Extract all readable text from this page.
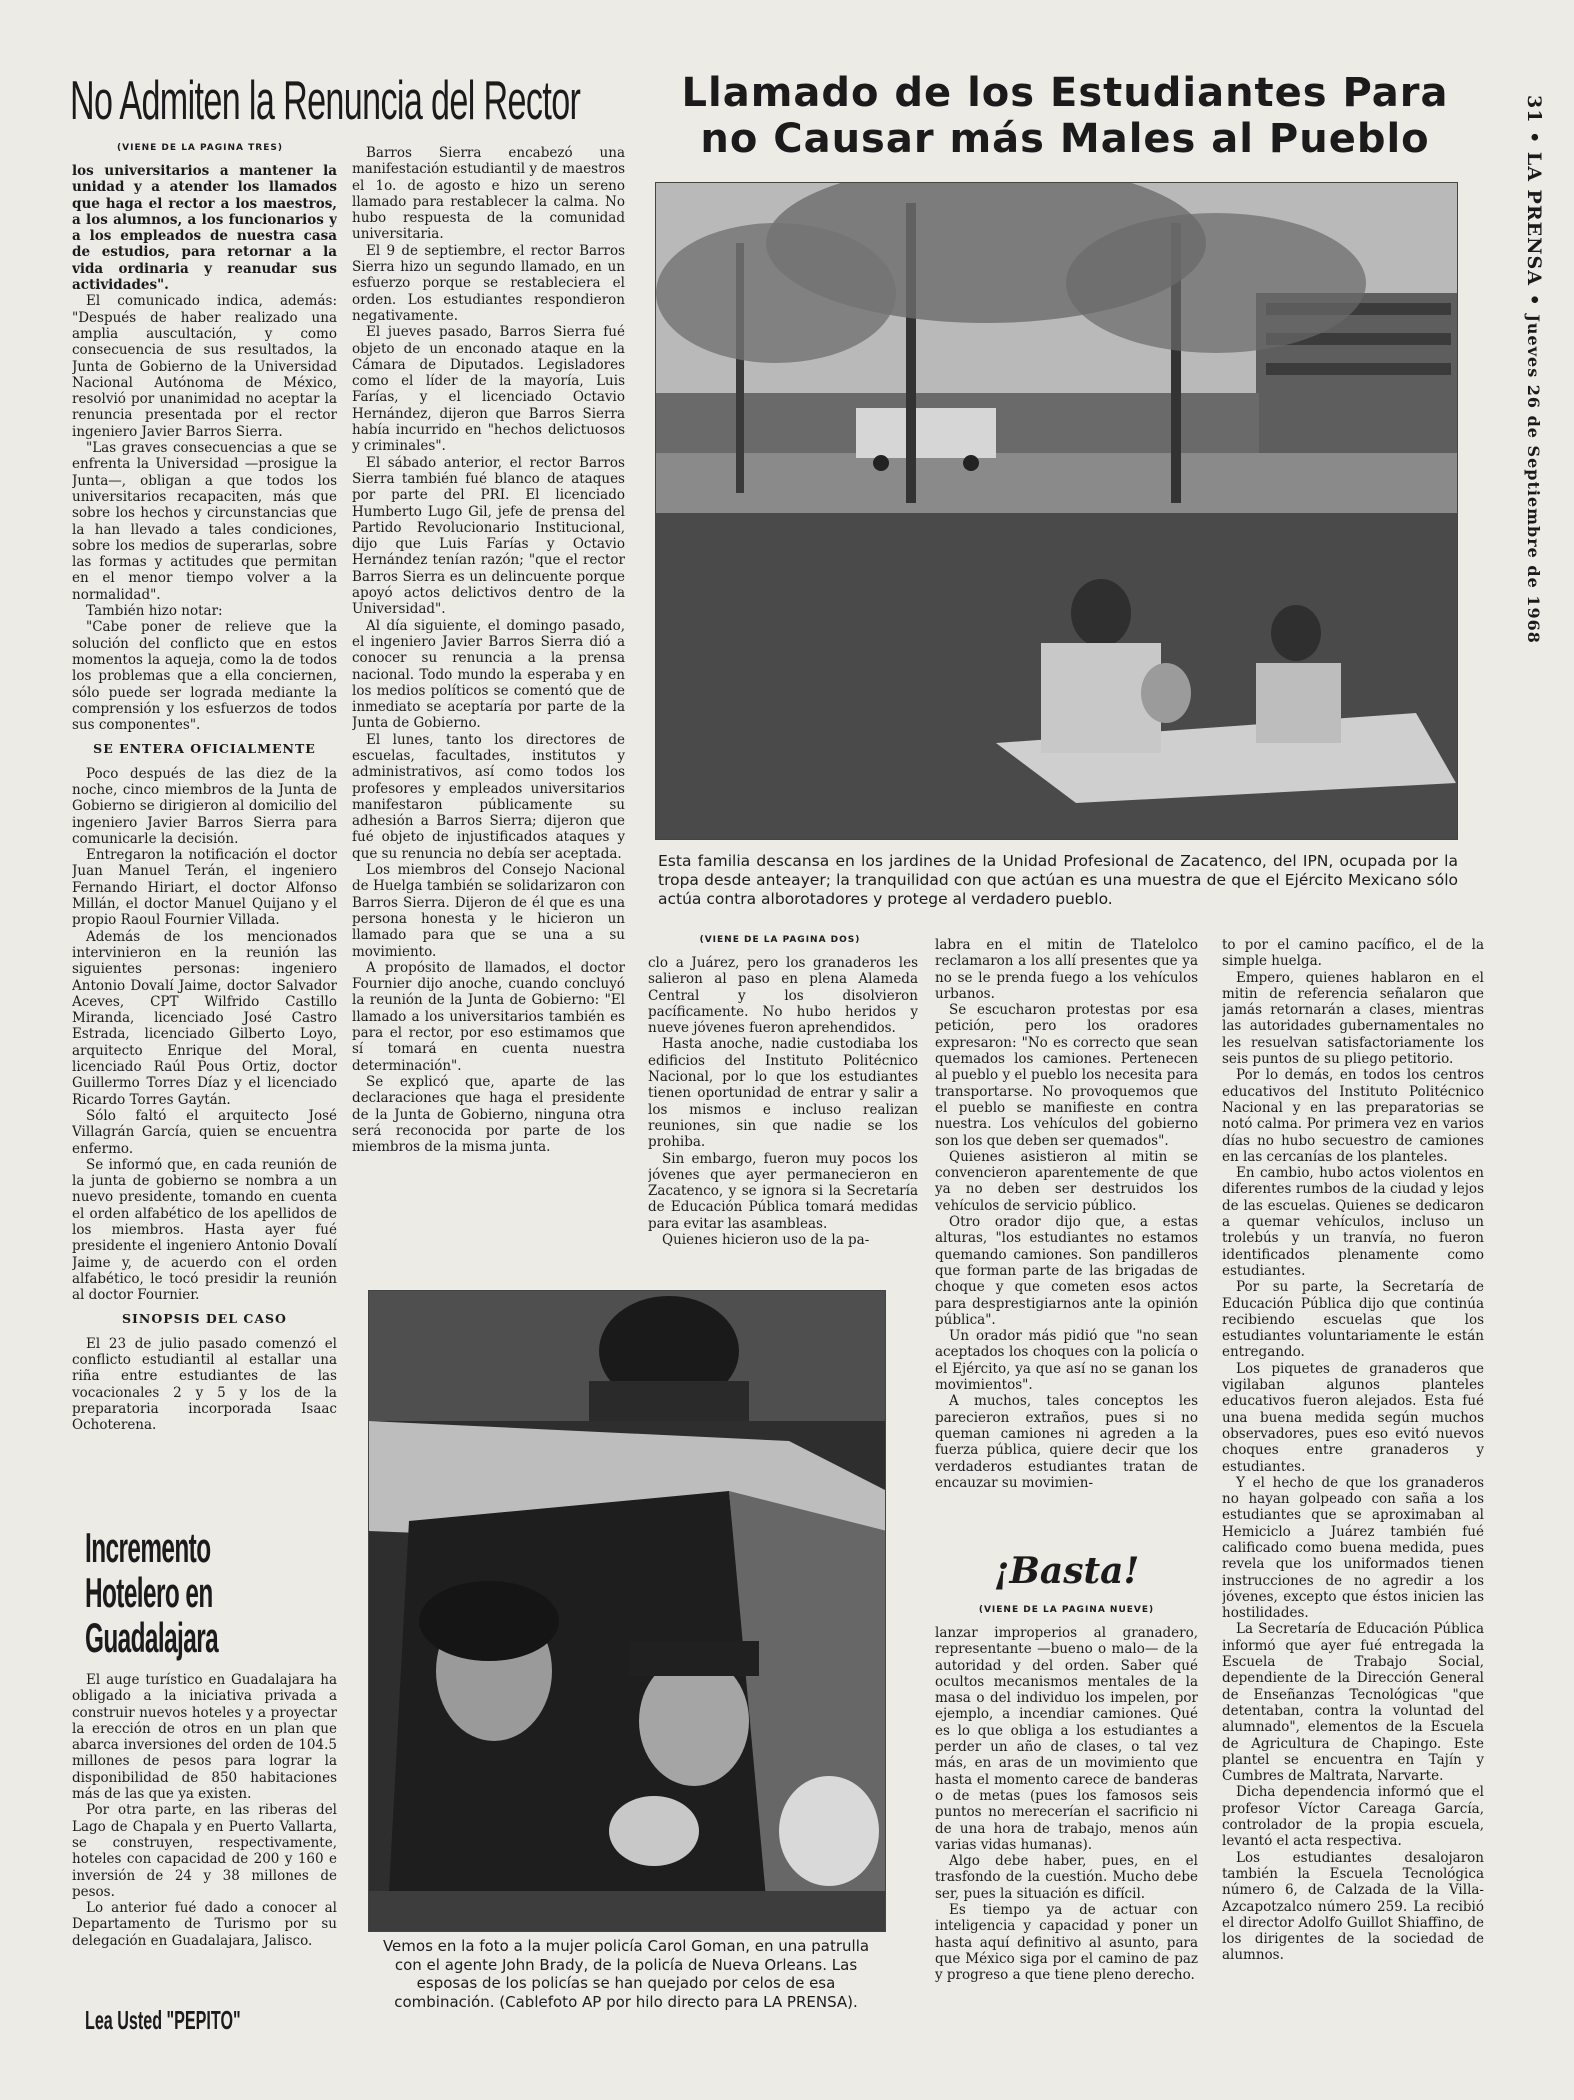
31 • LA PRENSA • Jueves 26 de Septiembre de 1968
No Admiten la Renuncia del Rector
(VIENE DE LA PAGINA TRES)

los universitarios a mantener la unidad y a atender los llamados que haga el rector a los maestros, a los alumnos, a los funcionarios y a los empleados de nuestra casa de estudios, para retornar a la vida ordinaria y reanudar sus actividades".

El comunicado indica, además: "Después de haber realizado una amplia auscultación, y como consecuencia de sus resultados, la Junta de Gobierno de la Universidad Nacional Autónoma de México, resolvió por unanimidad no aceptar la renuncia presentada por el rector ingeniero Javier Barros Sierra.

"Las graves consecuencias a que se enfrenta la Universidad —prosigue la Junta—, obligan a que todos los universitarios recapaciten, más que sobre los hechos y circunstancias que la han llevado a tales condiciones, sobre los medios de superarlas, sobre las formas y actitudes que permitan en el menor tiempo volver a la normalidad".

También hizo notar:

"Cabe poner de relieve que la solución del conflicto que en estos momentos la aqueja, como la de todos los problemas que a ella conciernen, sólo puede ser lograda mediante la comprensión y los esfuerzos de todos sus componentes".

SE ENTERA OFICIALMENTE

Poco después de las diez de la noche, cinco miembros de la Junta de Gobierno se dirigieron al domicilio del ingeniero Javier Barros Sierra para comunicarle la decisión.

Entregaron la notificación el doctor Juan Manuel Terán, el ingeniero Fernando Hiriart, el doctor Alfonso Millán, el doctor Manuel Quijano y el propio Raoul Fournier Villada.

Además de los mencionados intervinieron en la reunión las siguientes personas: ingeniero Antonio Dovalí Jaime, doctor Salvador Aceves, CPT Wilfrido Castillo Miranda, licenciado José Castro Estrada, licenciado Gilberto Loyo, arquitecto Enrique del Moral, licenciado Raúl Pous Ortiz, doctor Guillermo Torres Díaz y el licenciado Ricardo Torres Gaytán.

Sólo faltó el arquitecto José Villagrán García, quien se encuentra enfermo.

Se informó que, en cada reunión de la junta de gobierno se nombra a un nuevo presidente, tomando en cuenta el orden alfabético de los apellidos de los miembros. Hasta ayer fué presidente el ingeniero Antonio Dovalí Jaime y, de acuerdo con el orden alfabético, le tocó presidir la reunión al doctor Fournier.

SINOPSIS DEL CASO

El 23 de julio pasado comenzó el conflicto estudiantil al estallar una riña entre estudiantes de las vocacionales 2 y 5 y los de la preparatoria incorporada Isaac Ochoterena.

Barros Sierra encabezó una manifestación estudiantil y de maestros el 1o. de agosto e hizo un sereno llamado para restablecer la calma. No hubo respuesta de la comunidad universitaria.

El 9 de septiembre, el rector Barros Sierra hizo un segundo llamado, en un esfuerzo porque se restableciera el orden. Los estudiantes respondieron negativamente.

El jueves pasado, Barros Sierra fué objeto de un enconado ataque en la Cámara de Diputados. Legisladores como el líder de la mayoría, Luis Farías, y el licenciado Octavio Hernández, dijeron que Barros Sierra había incurrido en "hechos delictuosos y criminales".

El sábado anterior, el rector Barros Sierra también fué blanco de ataques por parte del PRI. El licenciado Humberto Lugo Gil, jefe de prensa del Partido Revolucionario Institucional, dijo que Luis Farías y Octavio Hernández tenían razón; "que el rector Barros Sierra es un delincuente porque apoyó actos delictivos dentro de la Universidad".

Al día siguiente, el domingo pasado, el ingeniero Javier Barros Sierra dió a conocer su renuncia a la prensa nacional. Todo mundo la esperaba y en los medios políticos se comentó que de inmediato se aceptaría por parte de la Junta de Gobierno.

El lunes, tanto los directores de escuelas, facultades, institutos y administrativos, así como todos los profesores y empleados universitarios manifestaron públicamente su adhesión a Barros Sierra; dijeron que fué objeto de injustificados ataques y que su renuncia no debía ser aceptada.

Los miembros del Consejo Nacional de Huelga también se solidarizaron con Barros Sierra. Dijeron de él que es una persona honesta y le hicieron un llamado para que se una a su movimiento.

A propósito de llamados, el doctor Fournier dijo anoche, cuando concluyó la reunión de la Junta de Gobierno: "El llamado a los universitarios también es para el rector, por eso estimamos que sí tomará en cuenta nuestra determinación".

Se explicó que, aparte de las declaraciones que haga el presidente de la Junta de Gobierno, ninguna otra será reconocida por parte de los miembros de la misma junta.

Incremento
Hotelero en
Guadalajara

El auge turístico en Guadalajara ha obligado a la iniciativa privada a construir nuevos hoteles y a proyectar la erección de otros en un plan que abarca inversiones del orden de 104.5 millones de pesos para lograr la disponibilidad de 850 habitaciones más de las que ya existen.

Por otra parte, en las riberas del Lago de Chapala y en Puerto Vallarta, se construyen, respectivamente, hoteles con capacidad de 200 y 160 e inversión de 24 y 38 millones de pesos.

Lo anterior fué dado a conocer al Departamento de Turismo por su delegación en Guadalajara, Jalisco.

Lea Usted "PEPITO"
Llamado de los Estudiantes Para
no Causar más Males al Pueblo
Esta familia descansa en los jardines de la Unidad Profesional de Zacatenco, del IPN, ocupada por la tropa desde anteayer; la tranquilidad con que actúan es una muestra de que el Ejército Mexicano sólo actúa contra alborotadores y protege al verdadero pueblo.
(VIENE DE LA PAGINA DOS)

clo a Juárez, pero los granaderos les salieron al paso en plena Alameda Central y los disolvieron pacíficamente. No hubo heridos y nueve jóvenes fueron aprehendidos.

Hasta anoche, nadie custodiaba los edificios del Instituto Politécnico Nacional, por lo que los estudiantes tienen oportunidad de entrar y salir a los mismos e incluso realizan reuniones, sin que nadie se los prohiba.

Sin embargo, fueron muy pocos los jóvenes que ayer permanecieron en Zacatenco, y se ignora si la Secretaría de Educación Pública tomará medidas para evitar las asambleas.

Quienes hicieron uso de la pa-

labra en el mitin de Tlatelolco reclamaron a los allí presentes que ya no se le prenda fuego a los vehículos urbanos.

Se escucharon protestas por esa petición, pero los oradores expresaron: "No es correcto que sean quemados los camiones. Pertenecen al pueblo y el pueblo los necesita para transportarse. No provoquemos que el pueblo se manifieste en contra nuestra. Los vehículos del gobierno son los que deben ser quemados".

Quienes asistieron al mitin se convencieron aparentemente de que ya no deben ser destruidos los vehículos de servicio público.

Otro orador dijo que, a estas alturas, "los estudiantes no estamos quemando camiones. Son pandilleros que forman parte de las brigadas de choque y que cometen esos actos para desprestigiarnos ante la opinión pública".

Un orador más pidió que "no sean aceptados los choques con la policía o el Ejército, ya que así no se ganan los movimientos".

A muchos, tales conceptos les parecieron extraños, pues si no queman camiones ni agreden a la fuerza pública, quiere decir que los verdaderos estudiantes tratan de encauzar su movimien-

to por el camino pacífico, el de la simple huelga.

Empero, quienes hablaron en el mitin de referencia señalaron que jamás retornarán a clases, mientras las autoridades gubernamentales no les resuelvan satisfactoriamente los seis puntos de su pliego petitorio.

Por lo demás, en todos los centros educativos del Instituto Politécnico Nacional y en las preparatorias se notó calma. Por primera vez en varios días no hubo secuestro de camiones en las cercanías de los planteles.

En cambio, hubo actos violentos en diferentes rumbos de la ciudad y lejos de las escuelas. Quienes se dedicaron a quemar vehículos, incluso un trolebús y un tranvía, no fueron identificados plenamente como estudiantes.

Por su parte, la Secretaría de Educación Pública dijo que continúa recibiendo escuelas que los estudiantes voluntariamente le están entregando.

Los piquetes de granaderos que vigilaban algunos planteles educativos fueron alejados. Esta fué una buena medida según muchos observadores, pues eso evitó nuevos choques entre granaderos y estudiantes.

Y el hecho de que los granaderos no hayan golpeado con saña a los estudiantes que se aproximaban al Hemiciclo a Juárez también fué calificado como buena medida, pues revela que los uniformados tienen instrucciones de no agredir a los jóvenes, excepto que éstos inicien las hostilidades.

La Secretaría de Educación Pública informó que ayer fué entregada la Escuela de Trabajo Social, dependiente de la Dirección General de Enseñanzas Tecnológicas "que detentaban, contra la voluntad del alumnado", elementos de la Escuela de Agricultura de Chapingo. Este plantel se encuentra en Tajín y Cumbres de Maltrata, Narvarte.

Dicha dependencia informó que el profesor Víctor Careaga García, controlador de la propia escuela, levantó el acta respectiva.

Los estudiantes desalojaron también la Escuela Tecnológica número 6, de Calzada de la Villa-Azcapotzalco número 259. La recibió el director Adolfo Guillot Shiaffino, de los dirigentes de la sociedad de alumnos.

Vemos en la foto a la mujer policía Carol Goman, en una patrulla con el agente John Brady, de la policía de Nueva Orleans. Las esposas de los policías se han quejado por celos de esa combinación. (Cablefoto AP por hilo directo para LA PRENSA).
¡Basta!
(VIENE DE LA PAGINA NUEVE)

lanzar improperios al granadero, representante —bueno o malo— de la autoridad y del orden. Saber qué ocultos mecanismos mentales de la masa o del individuo los impelen, por ejemplo, a incendiar camiones. Qué es lo que obliga a los estudiantes a perder un año de clases, o tal vez más, en aras de un movimiento que hasta el momento carece de banderas o de metas (pues los famosos seis puntos no merecerían el sacrificio ni de una hora de trabajo, menos aún varias vidas humanas).

Algo debe haber, pues, en el trasfondo de la cuestión. Mucho debe ser, pues la situación es difícil.

Es tiempo ya de actuar con inteligencia y capacidad y poner un hasta aquí definitivo al asunto, para que México siga por el camino de paz y progreso a que tiene pleno derecho.
